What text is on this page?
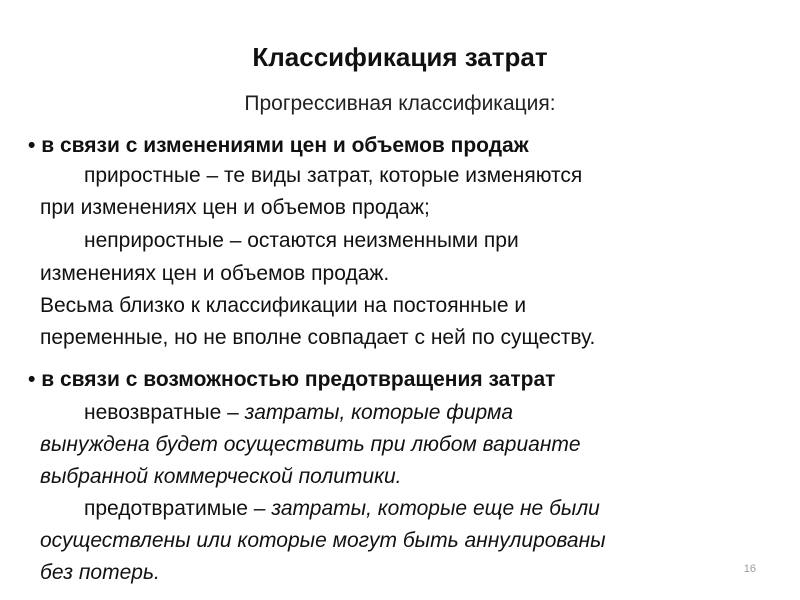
Классификация затрат
Прогрессивная классификация:
• в связи с изменениями цен и объемов продаж
приростные – те виды затрат, которые изменяются
при изменениях цен и объемов продаж;
неприростные – остаются неизменными при
изменениях цен и объемов продаж.
Весьма близко к классификации на постоянные и
переменные, но не вполне совпадает с ней по существу.
• в связи с возможностью предотвращения затрат
невозвратные – затраты, которые фирма
вынуждена будет осуществить при любом варианте
выбранной коммерческой политики.
предотвратимые – затраты, которые еще не были
осуществлены или которые могут быть аннулированы
без потерь.	16
